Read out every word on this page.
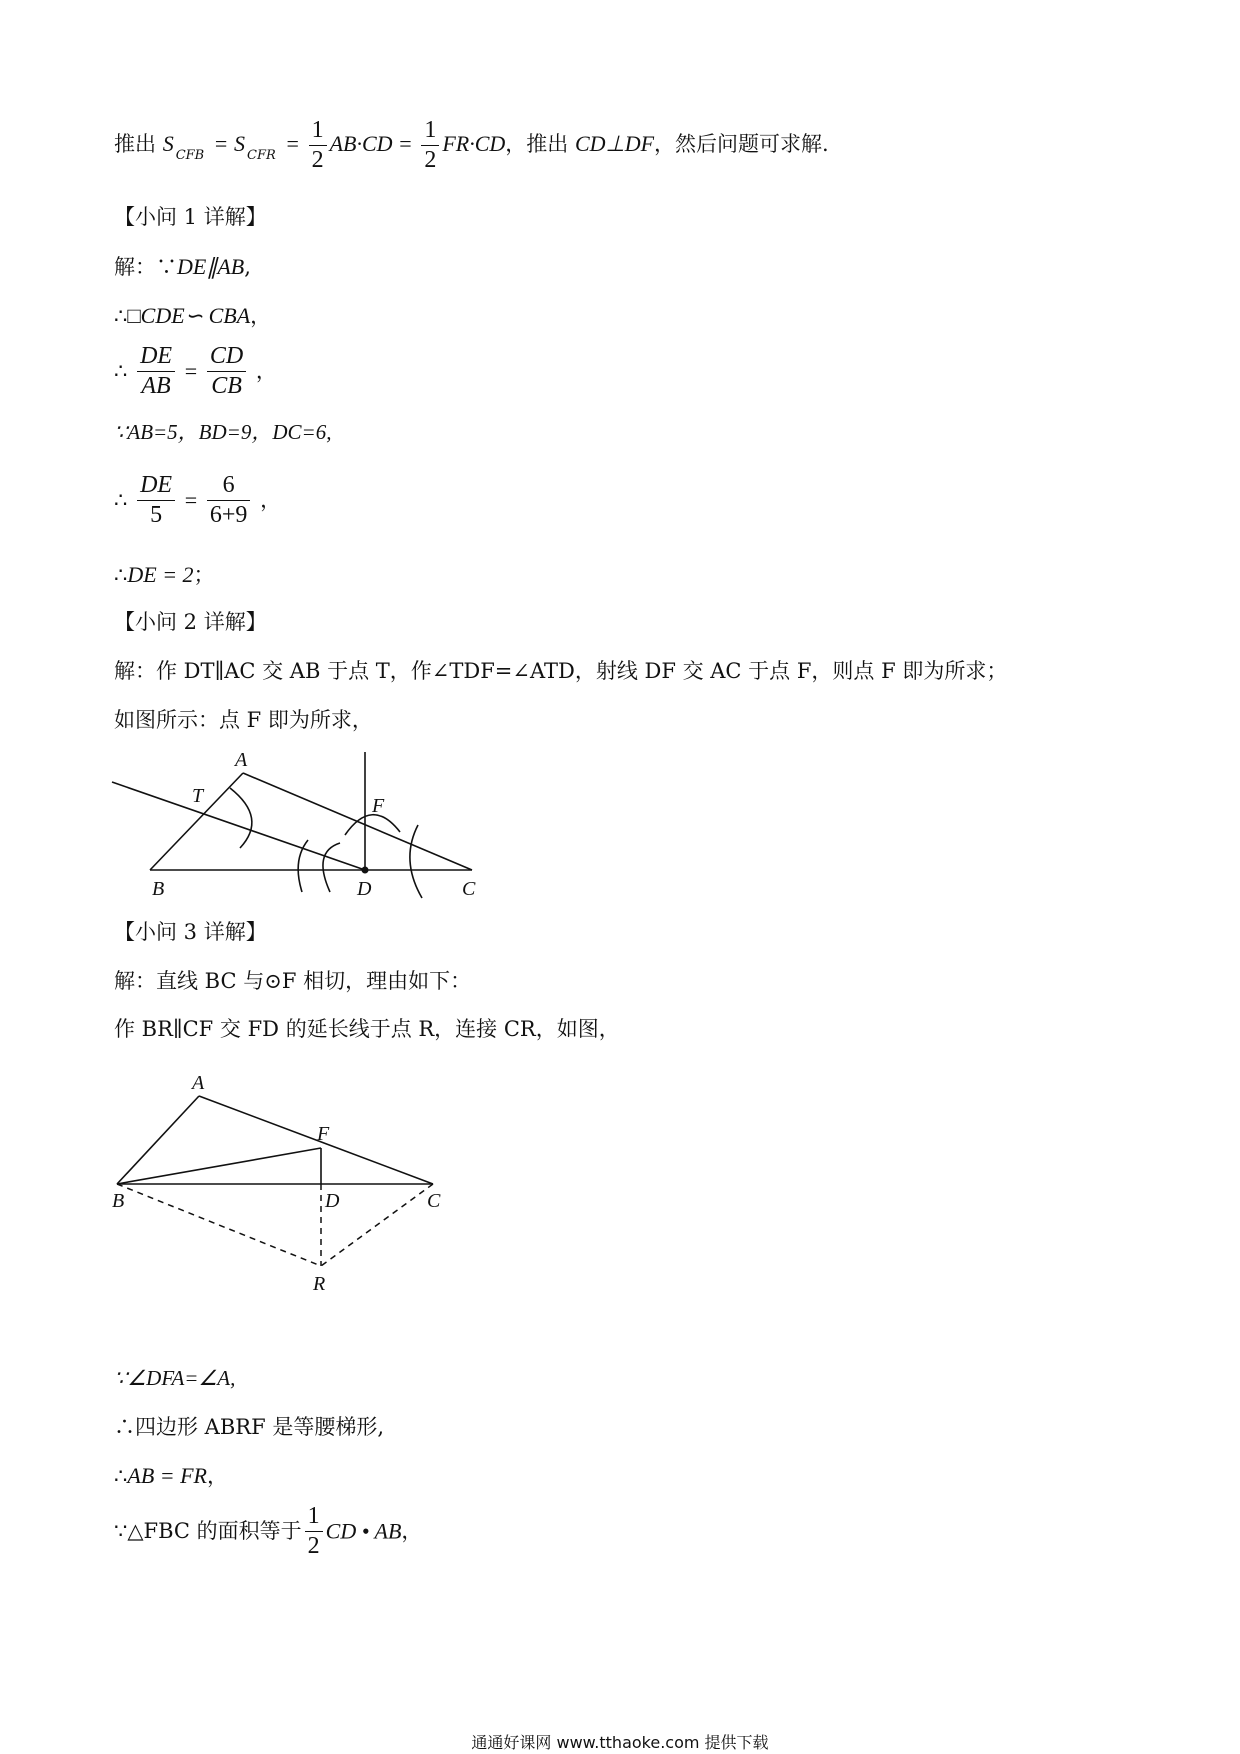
推出 S $_{CFB}$ = S $_{CFR} = \frac{1}{2} AB\cdot CD = \frac{1}{2} FR\cdot CD$，推出 CD⊥DF，然后问题可求解.
【小问 1 详解】
解：∵DE∥AB,
∴□CDE∽ CBA，
∴ $\frac{DE}{AB} = \frac{CD}{CB}$ ，
∵AB=5，BD=9，DC=6,
∴ $\frac{DE}{5} = \frac{6}{6+9}$ ，
∴DE = 2；
【小问 2 详解】
解：作 DT∥AC 交 AB 于点 T，作∠TDF=∠ATD，射线 DF 交 AC 于点 F，则点 F 即为所求；
如图所示：点 F 即为所求，
A
T	F
B	D	C
【小问 3 详解】
解：直线 BC 与⊙F 相切，理由如下：
作 BR∥CF 交 FD 的延长线于点 R，连接 CR，如图，
A
F
B	D	C
R
∵∠DFA=∠A,
∴四边形 ABRF 是等腰梯形,
∴AB = FR，
∵△FBC 的面积等于 $\frac{1}{2}$ CD • AB，
通通好课网 www.tthaoke.com 提供下载
